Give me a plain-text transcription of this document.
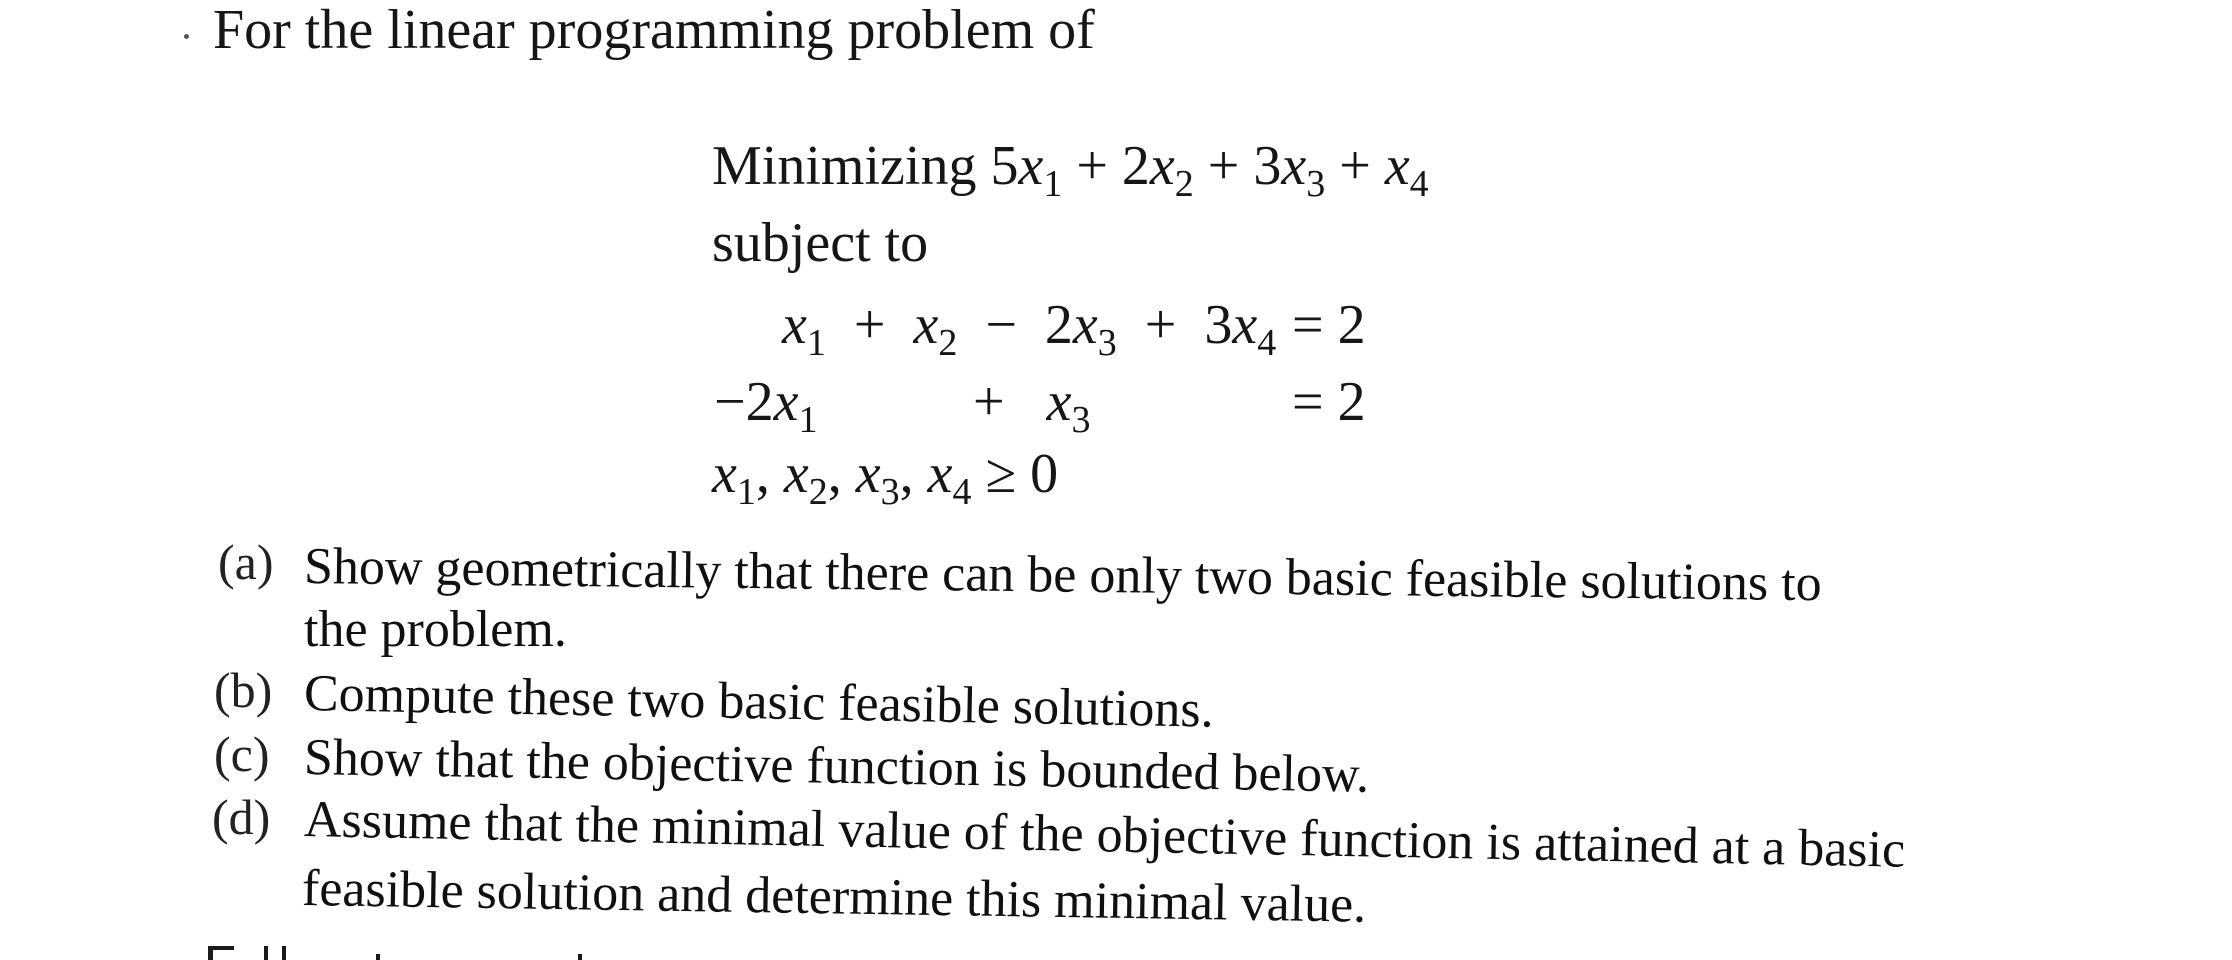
For the linear programming problem of
Minimizing $5x_1 + 2x_2 + 3x_3 + x_4$
subject to
$x_1 + x_2 - 2x_3 + 3x_4 = 2$
$-2x_1$	+   $x_3$	= 2
$x_1$, $x_2$, $x_3$, $x_4 \ge 0$
(a) Show geometrically that there can be only two basic feasible solutions to
the problem.
(b) Compute these two basic feasible solutions.
(c) Show that the objective function is bounded below.
(d) Assume that the minimal value of the objective function is attained at a basic
feasible solution and determine this minimal value.
